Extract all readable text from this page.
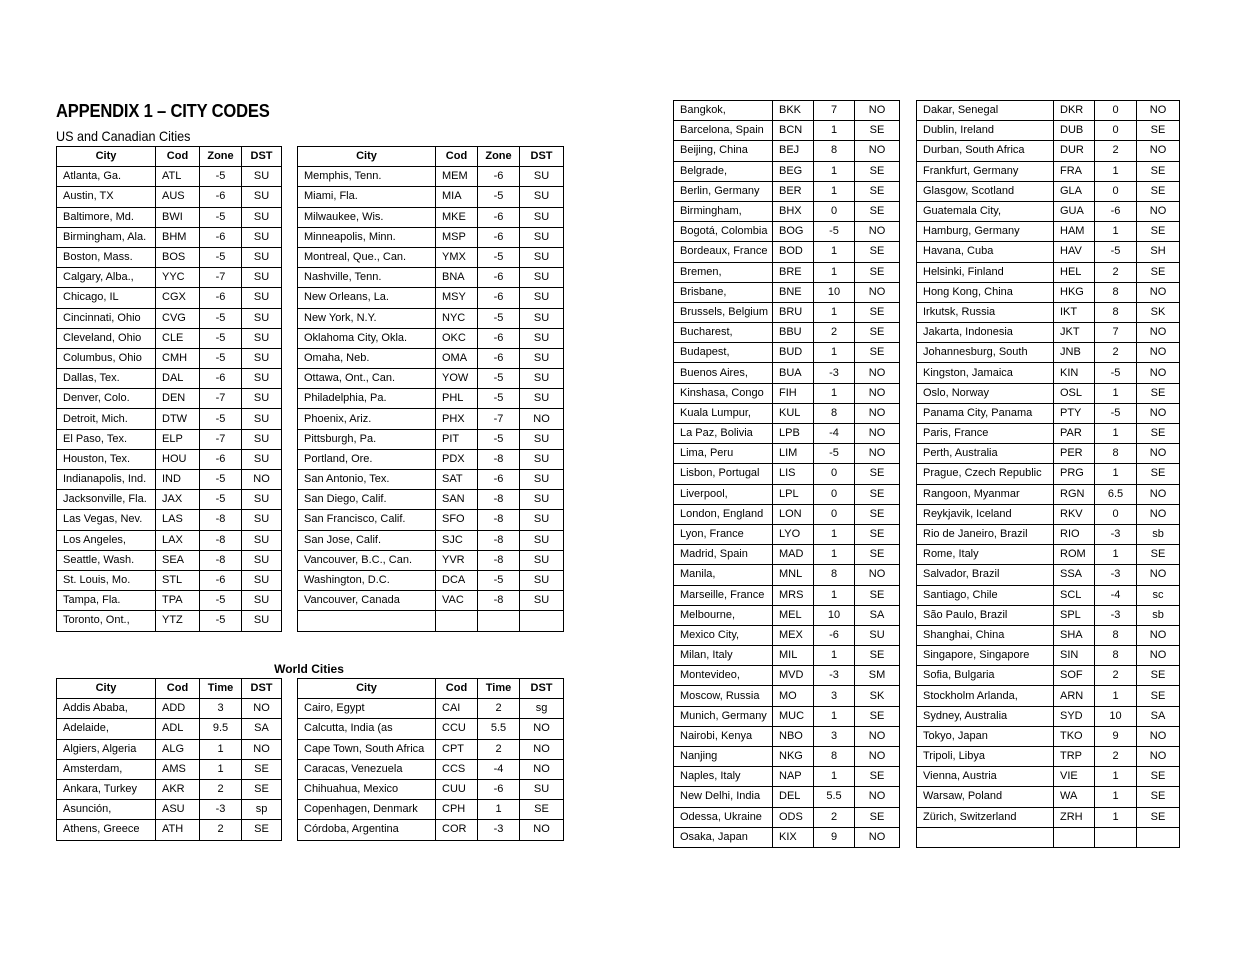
APPENDIX 1 – CITY CODES
US and Canadian Cities
City	Cod	Zone	DST
Atlanta, Ga.	ATL	-5	SU
Austin, TX	AUS	-6	SU
Baltimore, Md.	BWI	-5	SU
Birmingham, Ala.	BHM	-6	SU
Boston, Mass.	BOS	-5	SU
Calgary, Alba.,	YYC	-7	SU
Chicago, IL	CGX	-6	SU
Cincinnati, Ohio	CVG	-5	SU
Cleveland, Ohio	CLE	-5	SU
Columbus, Ohio	CMH	-5	SU
Dallas, Tex.	DAL	-6	SU
Denver, Colo.	DEN	-7	SU
Detroit, Mich.	DTW	-5	SU
El Paso, Tex.	ELP	-7	SU
Houston, Tex.	HOU	-6	SU
Indianapolis, Ind.	IND	-5	NO
Jacksonville, Fla.	JAX	-5	SU
Las Vegas, Nev.	LAS	-8	SU
Los Angeles,	LAX	-8	SU
Seattle, Wash.	SEA	-8	SU
St. Louis, Mo.	STL	-6	SU
Tampa, Fla.	TPA	-5	SU
Toronto, Ont.,	YTZ	-5	SU
City	Cod	Zone	DST
Memphis, Tenn.	MEM	-6	SU
Miami, Fla.	MIA	-5	SU
Milwaukee, Wis.	MKE	-6	SU
Minneapolis, Minn.	MSP	-6	SU
Montreal, Que., Can.	YMX	-5	SU
Nashville, Tenn.	BNA	-6	SU
New Orleans, La.	MSY	-6	SU
New York, N.Y.	NYC	-5	SU
Oklahoma City, Okla.	OKC	-6	SU
Omaha, Neb.	OMA	-6	SU
Ottawa, Ont., Can.	YOW	-5	SU
Philadelphia, Pa.	PHL	-5	SU
Phoenix, Ariz.	PHX	-7	NO
Pittsburgh, Pa.	PIT	-5	SU
Portland, Ore.	PDX	-8	SU
San Antonio, Tex.	SAT	-6	SU
San Diego, Calif.	SAN	-8	SU
San Francisco, Calif.	SFO	-8	SU
San Jose, Calif.	SJC	-8	SU
Vancouver, B.C., Can.	YVR	-8	SU
Washington, D.C.	DCA	-5	SU
Vancouver, Canada	VAC	-8	SU

World Cities
City	Cod	Time	DST
Addis Ababa,	ADD	3	NO
Adelaide,	ADL	9.5	SA
Algiers, Algeria	ALG	1	NO
Amsterdam,	AMS	1	SE
Ankara, Turkey	AKR	2	SE
Asunción,	ASU	-3	sp
Athens, Greece	ATH	2	SE
City	Cod	Time	DST
Cairo, Egypt	CAI	2	sg
Calcutta, India (as	CCU	5.5	NO
Cape Town, South Africa	CPT	2	NO
Caracas, Venezuela	CCS	-4	NO
Chihuahua, Mexico	CUU	-6	SU
Copenhagen, Denmark	CPH	1	SE
Córdoba, Argentina	COR	-3	NO
Bangkok,	BKK	7	NO
Barcelona, Spain	BCN	1	SE
Beijing, China	BEJ	8	NO
Belgrade,	BEG	1	SE
Berlin, Germany	BER	1	SE
Birmingham,	BHX	0	SE
Bogotá, Colombia	BOG	-5	NO
Bordeaux, France	BOD	1	SE
Bremen,	BRE	1	SE
Brisbane,	BNE	10	NO
Brussels, Belgium	BRU	1	SE
Bucharest,	BBU	2	SE
Budapest,	BUD	1	SE
Buenos Aires,	BUA	-3	NO
Kinshasa, Congo	FIH	1	NO
Kuala Lumpur,	KUL	8	NO
La Paz, Bolivia	LPB	-4	NO
Lima, Peru	LIM	-5	NO
Lisbon, Portugal	LIS	0	SE
Liverpool,	LPL	0	SE
London, England	LON	0	SE
Lyon, France	LYO	1	SE
Madrid, Spain	MAD	1	SE
Manila,	MNL	8	NO
Marseille, France	MRS	1	SE
Melbourne,	MEL	10	SA
Mexico City,	MEX	-6	SU
Milan, Italy	MIL	1	SE
Montevideo,	MVD	-3	SM
Moscow, Russia	MO	3	SK
Munich, Germany	MUC	1	SE
Nairobi, Kenya	NBO	3	NO
Nanjing	NKG	8	NO
Naples, Italy	NAP	1	SE
New Delhi, India	DEL	5.5	NO
Odessa, Ukraine	ODS	2	SE
Osaka, Japan	KIX	9	NO
Dakar, Senegal	DKR	0	NO
Dublin, Ireland	DUB	0	SE
Durban, South Africa	DUR	2	NO
Frankfurt, Germany	FRA	1	SE
Glasgow, Scotland	GLA	0	SE
Guatemala City,	GUA	-6	NO
Hamburg, Germany	HAM	1	SE
Havana, Cuba	HAV	-5	SH
Helsinki, Finland	HEL	2	SE
Hong Kong, China	HKG	8	NO
Irkutsk, Russia	IKT	8	SK
Jakarta, Indonesia	JKT	7	NO
Johannesburg, South	JNB	2	NO
Kingston, Jamaica	KIN	-5	NO
Oslo, Norway	OSL	1	SE
Panama City, Panama	PTY	-5	NO
Paris, France	PAR	1	SE
Perth, Australia	PER	8	NO
Prague, Czech Republic	PRG	1	SE
Rangoon, Myanmar	RGN	6.5	NO
Reykjavik, Iceland	RKV	0	NO
Rio de Janeiro, Brazil	RIO	-3	sb
Rome, Italy	ROM	1	SE
Salvador, Brazil	SSA	-3	NO
Santiago, Chile	SCL	-4	sc
São Paulo, Brazil	SPL	-3	sb
Shanghai, China	SHA	8	NO
Singapore, Singapore	SIN	8	NO
Sofia, Bulgaria	SOF	2	SE
Stockholm Arlanda,	ARN	1	SE
Sydney, Australia	SYD	10	SA
Tokyo, Japan	TKO	9	NO
Tripoli, Libya	TRP	2	NO
Vienna, Austria	VIE	1	SE
Warsaw, Poland	WA	1	SE
Zürich, Switzerland	ZRH	1	SE
